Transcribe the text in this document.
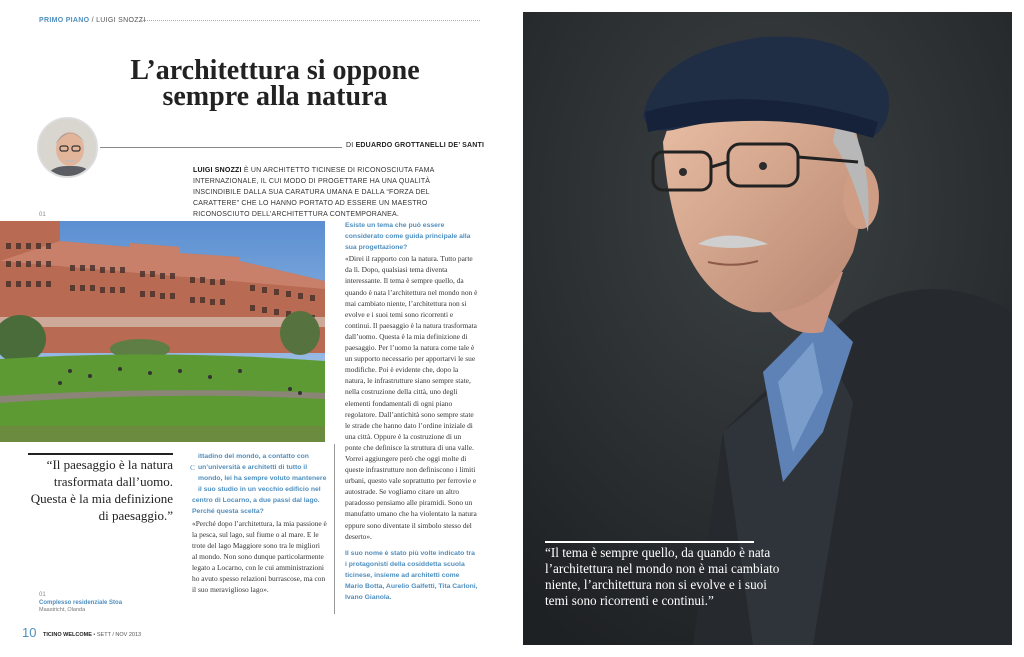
PRIMO PIANO / LUIGI SNOZZI
L’architettura si oppone
sempre alla natura
DI EDUARDO GROTTANELLI DE’ SANTI
LUIGI SNOZZI È UN ARCHITETTO TICINESE DI RICONOSCIUTA FAMA INTERNAZIONALE, IL CUI MODO DI PROGETTARE HA UNA QUALITÀ INSCINDIBILE DALLA SUA CARATURA UMANA E DALLA “FORZA DEL CARATTERE” CHE LO HANNO PORTATO AD ESSERE UN MAESTRO RICONOSCIUTO DELL’ARCHITETTURA CONTEMPORANEA.
01
“Il paesaggio è la natura trasformata dall’uomo. Questa è la mia definizione di paesaggio.”
01
Complesso residenziale Stoa
Maastricht, Olanda
C
ittadino del mondo, a contatto con un’università e architetti di tutto il mondo, lei ha sempre voluto mantenere il suo studio in un vecchio edificio nel centro di Locarno, a due passi dal lago. Perché questa scelta?
«Perché dopo l’architettura, la mia passione è la pesca, sul lago, sul fiume o al mare. E le trote del lago Maggiore sono tra le migliori al mondo. Non sono dunque particolarmente legato a Locarno, con le cui amministrazioni ho avuto spesso relazioni burrascose, ma con il suo meraviglioso lago».
Esiste un tema che può essere considerato come guida principale alla sua progettazione?
«Direi il rapporto con la natura. Tutto parte da lì. Dopo, qualsiasi tema diventa interessante. Il tema è sempre quello, da quando è nata l’architettura nel mondo non è mai cambiato niente, l’architettura non si evolve e i suoi temi sono ricorrenti e continui. Il paesaggio è la natura trasformata dall’uomo. Questa è la mia definizione di paesaggio. Per l’uomo la natura come tale è un supporto necessario per apportarvi le sue modifiche. Poi è evidente che, dopo la natura, le infrastrutture siano sempre state, nella costruzione della città, uno degli elementi fondamentali di ogni piano regolatore. Dall’antichità sono sempre state le strade che hanno dato l’ordine iniziale di una città. Oppure è la costruzione di un ponte che definisce la struttura di una valle. Vorrei aggiungere però che oggi molte di queste infrastrutture non definiscono i limiti urbani, questo vale soprattutto per ferrovie e autostrade. Se vogliamo citare un altro paradosso pensiamo alle piramidi. Sono un manufatto umano che ha violentato la natura eppure sono diventate il simbolo stesso del deserto».
Il suo nome è stato più volte indicato tra i protagonisti della cosiddetta scuola ticinese, insieme ad architetti come Mario Botta, Aurelio Galfetti, Tita Carloni, Ivano Gianola.
10 TICINO WELCOME • SETT / NOV 2013
“Il tema è sempre quello, da quando è nata l’architettura nel mondo non è mai cambiato niente, l’architettura non si evolve e i suoi temi sono ricorrenti e continui.”
